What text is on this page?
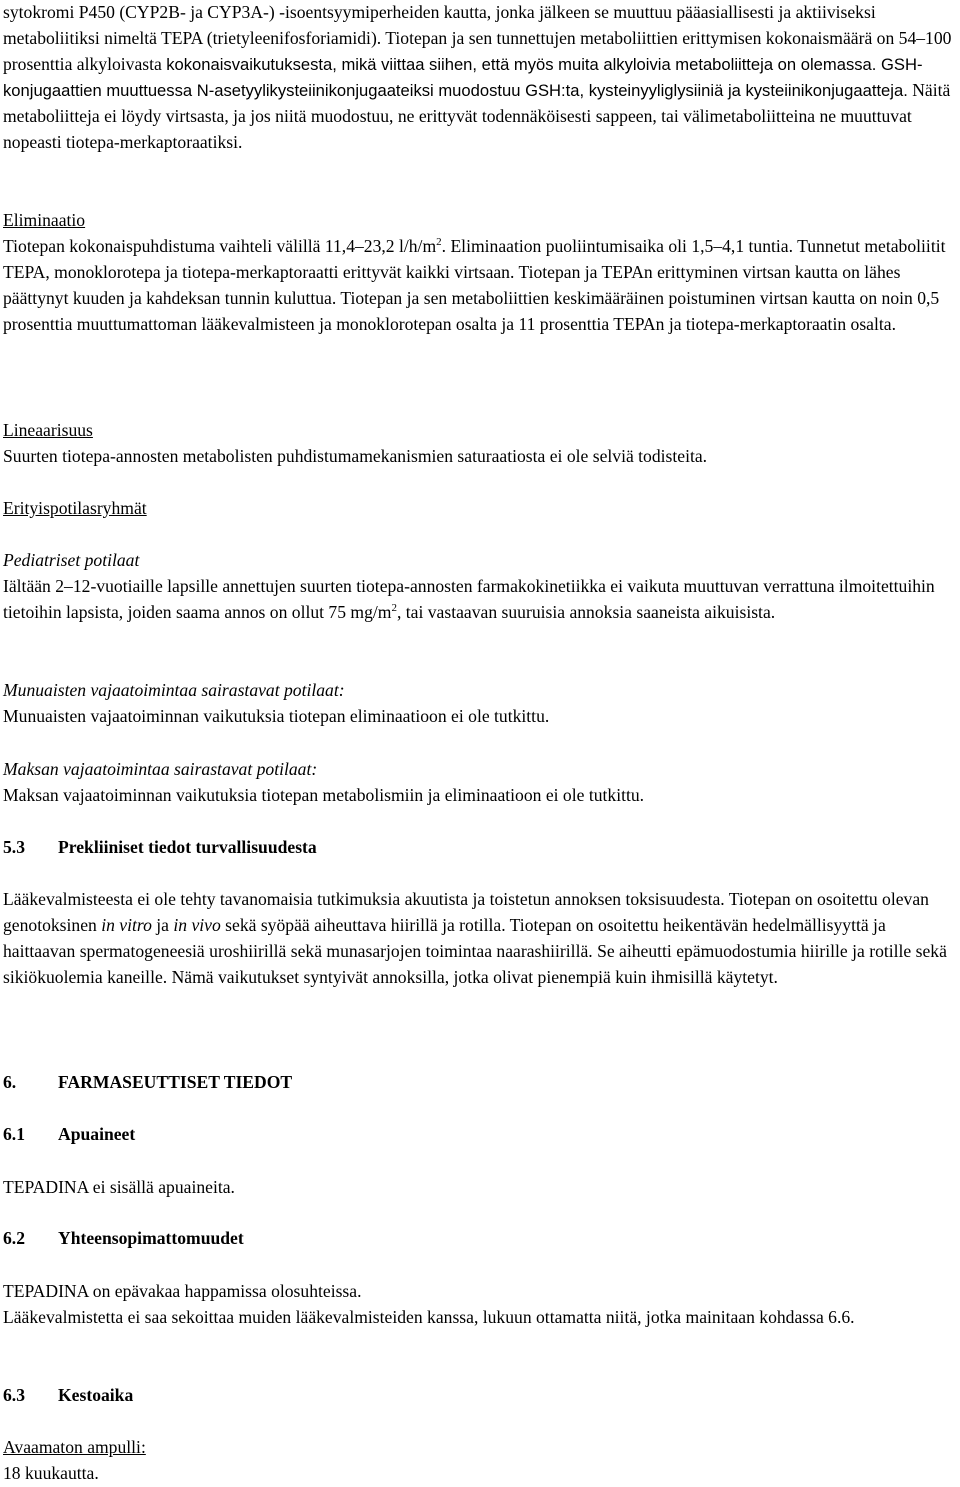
sytokromi P450 (CYP2B- ja CYP3A-) -isoentsyymiperheiden kautta, jonka jälkeen se muuttuu pääasiallisesti ja aktiiviseksi metaboliitiksi nimeltä TEPA (trietyleenifosforiamidi). Tiotepan ja sen tunnettujen metaboliittien erittymisen kokonaismäärä on 54–100 prosenttia alkyloivasta kokonaisvaikutuksesta, mikä viittaa siihen, että myös muita alkyloivia metaboliitteja on olemassa. GSH-konjugaattien muuttuessa N-asetyylikysteiinikonjugaateiksi muodostuu GSH:ta, kysteinyyliglysiiniä ja kysteiinikonjugaatteja. Näitä metaboliitteja ei löydy virtsasta, ja jos niitä muodostuu, ne erittyvät todennäköisesti sappeen, tai välimetaboliitteina ne muuttuvat nopeasti tiotepa-merkaptoraatiksi.

Eliminaatio
Tiotepan kokonaispuhdistuma vaihteli välillä 11,4–23,2 $l/h/m^2$. Eliminaation puoliintumisaika oli 1,5–4,1 tuntia. Tunnetut metaboliitit TEPA, monoklorotepa ja tiotepa-merkaptoraatti erittyvät kaikki virtsaan. Tiotepan ja TEPAn erittyminen virtsan kautta on lähes päättynyt kuuden ja kahdeksan tunnin kuluttua. Tiotepan ja sen metaboliittien keskimääräinen poistuminen virtsan kautta on noin 0,5 prosenttia muuttumattoman lääkevalmisteen ja monoklorotepan osalta ja 11 prosenttia TEPAn ja tiotepa-merkaptoraatin osalta.

Lineaarisuus
Suurten tiotepa-annosten metabolisten puhdistumamekanismien saturaatiosta ei ole selviä todisteita.

Erityispotilasryhmät

Pediatriset potilaat
Iältään 2–12-vuotiaille lapsille annettujen suurten tiotepa-annosten farmakokinetiikka ei vaikuta muuttuvan verrattuna ilmoitettuihin tietoihin lapsista, joiden saama annos on ollut 75 $mg/m^2$, tai vastaavan suuruisia annoksia saaneista aikuisista.

Munuaisten vajaatoimintaa sairastavat potilaat:
Munuaisten vajaatoiminnan vaikutuksia tiotepan eliminaatioon ei ole tutkittu.

Maksan vajaatoimintaa sairastavat potilaat:
Maksan vajaatoiminnan vaikutuksia tiotepan metabolismiin ja eliminaatioon ei ole tutkittu.

5.3	Prekliiniset tiedot turvallisuudesta

Lääkevalmisteesta ei ole tehty tavanomaisia tutkimuksia akuutista ja toistetun annoksen toksisuudesta. Tiotepan on osoitettu olevan genotoksinen in vitro ja in vivo sekä syöpää aiheuttava hiirillä ja rotilla. Tiotepan on osoitettu heikentävän hedelmällisyyttä ja haittaavan spermatogeneesiä uroshiirillä sekä munasarjojen toimintaa naarashiirillä. Se aiheutti epämuodostumia hiirille ja rotille sekä sikiökuolemia kaneille. Nämä vaikutukset syntyivät annoksilla, jotka olivat pienempiä kuin ihmisillä käytetyt.

6.	FARMASEUTTISET TIEDOT
6.1	Apuaineet

TEPADINA ei sisällä apuaineita.

6.2	Yhteensopimattomuudet

TEPADINA on epävakaa happamissa olosuhteissa.
Lääkevalmistetta ei saa sekoittaa muiden lääkevalmisteiden kanssa, lukuun ottamatta niitä, jotka mainitaan kohdassa 6.6.

6.3	Kestoaika

Avaamaton ampulli:
18 kuukautta.
